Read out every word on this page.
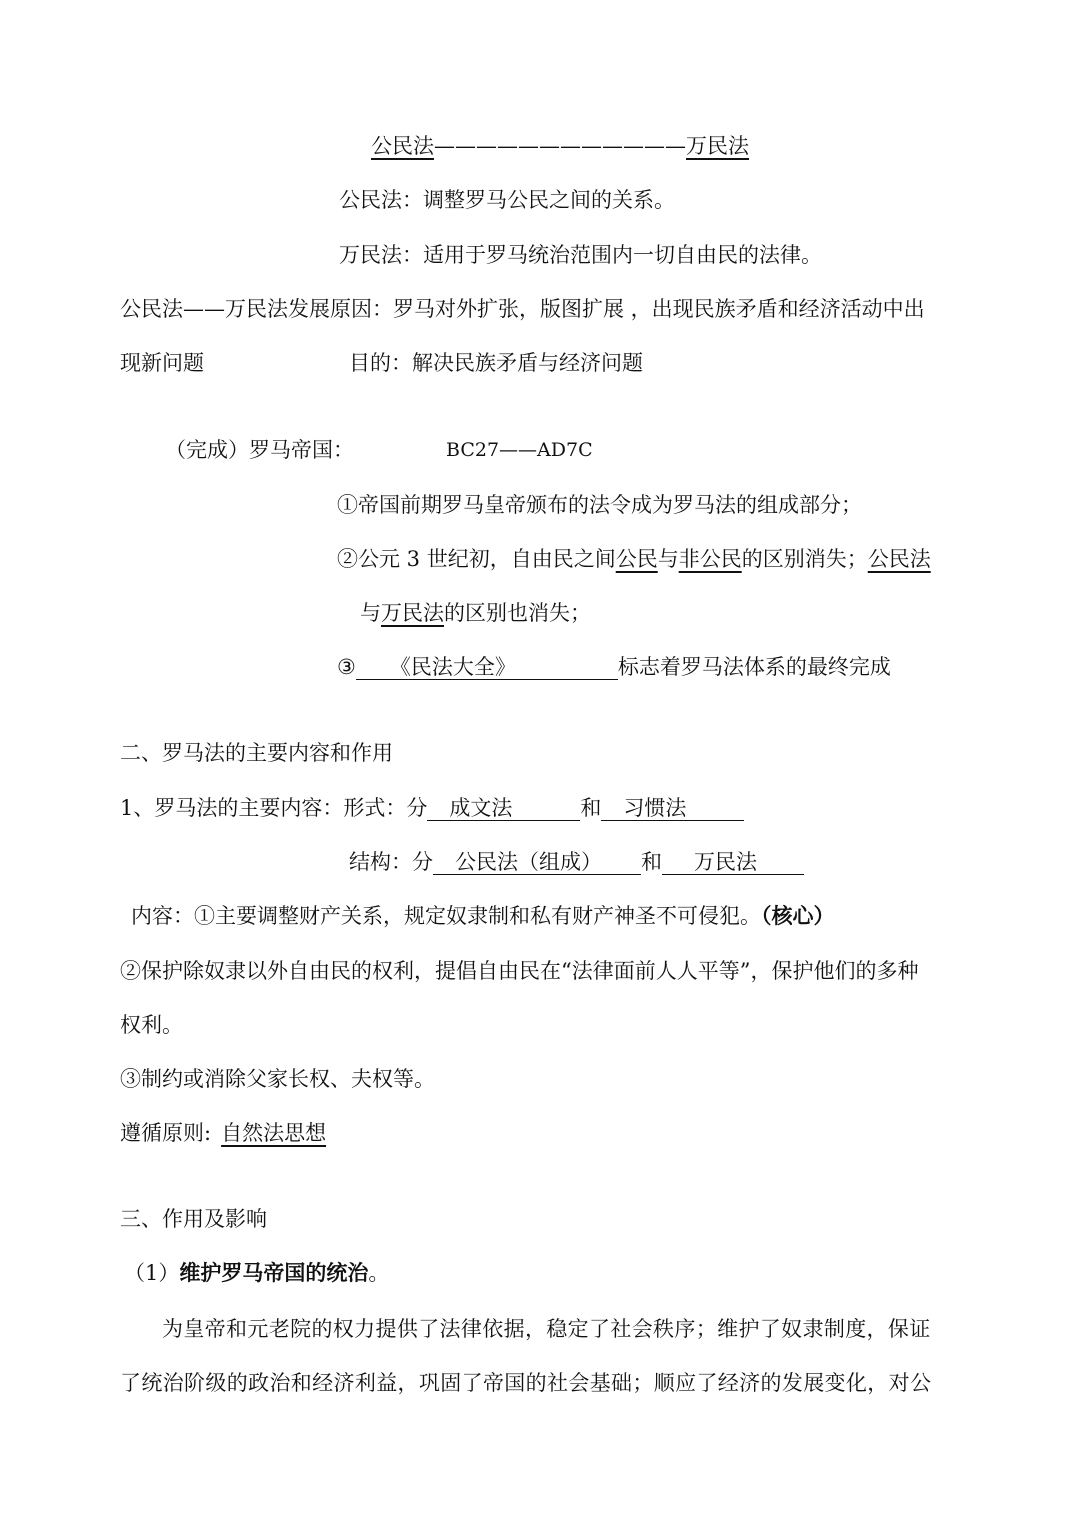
公民法————————————万民法
公民法：调整罗马公民之间的关系。
万民法：适用于罗马统治范围内一切自由民的法律。
公民法——万民法发展原因：罗马对外扩张，版图扩展 ，出现民族矛盾和经济活动中出
现新问题	目的：解决民族矛盾与经济问题
（完成）罗马帝国：	BC27——AD7C
①帝国前期罗马皇帝颁布的法令成为罗马法的组成部分；
②公元 3 世纪初，自由民之间公民与非公民的区别消失；公民法
与万民法的区别也消失；
③ 《民法大全》	标志着罗马法体系的最终完成
二、罗马法的主要内容和作用
1、罗马法的主要内容：形式：分 成文法	和 习惯法
结构：分 公民法（组成） 和 万民法
内容：①主要调整财产关系，规定奴隶制和私有财产神圣不可侵犯。（核心）
②保护除奴隶以外自由民的权利，提倡自由民在“法律面前人人平等”，保护他们的多种
权利。
③制约或消除父家长权、夫权等。
遵循原则: 自然法思想
三、作用及影响
（1）维护罗马帝国的统治。
为皇帝和元老院的权力提供了法律依据，稳定了社会秩序；维护了奴隶制度，保证
了统治阶级的政治和经济利益，巩固了帝国的社会基础；顺应了经济的发展变化，对公
